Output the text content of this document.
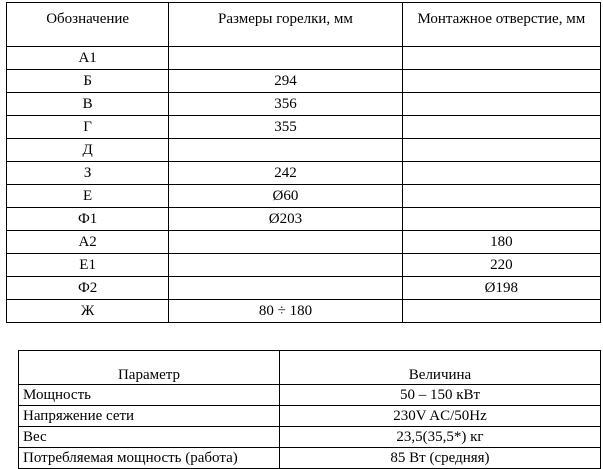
Обозначение	Размеры горелки, мм	Монтажное отверстие, мм
А1		
Б	294	
В	356	
Г	355	
Д		
З	242	
Е	Ø60	
Ф1	Ø203	
А2		180
Е1		220
Ф2		Ø198
Ж	80 ÷ 180	
Параметр	Величина
Мощность	50 – 150 кВт
Напряжение сети	230V AC/50Hz
Вес	23,5(35,5*) кг
Потребляемая мощность (работа)	85 Вт (средняя)
